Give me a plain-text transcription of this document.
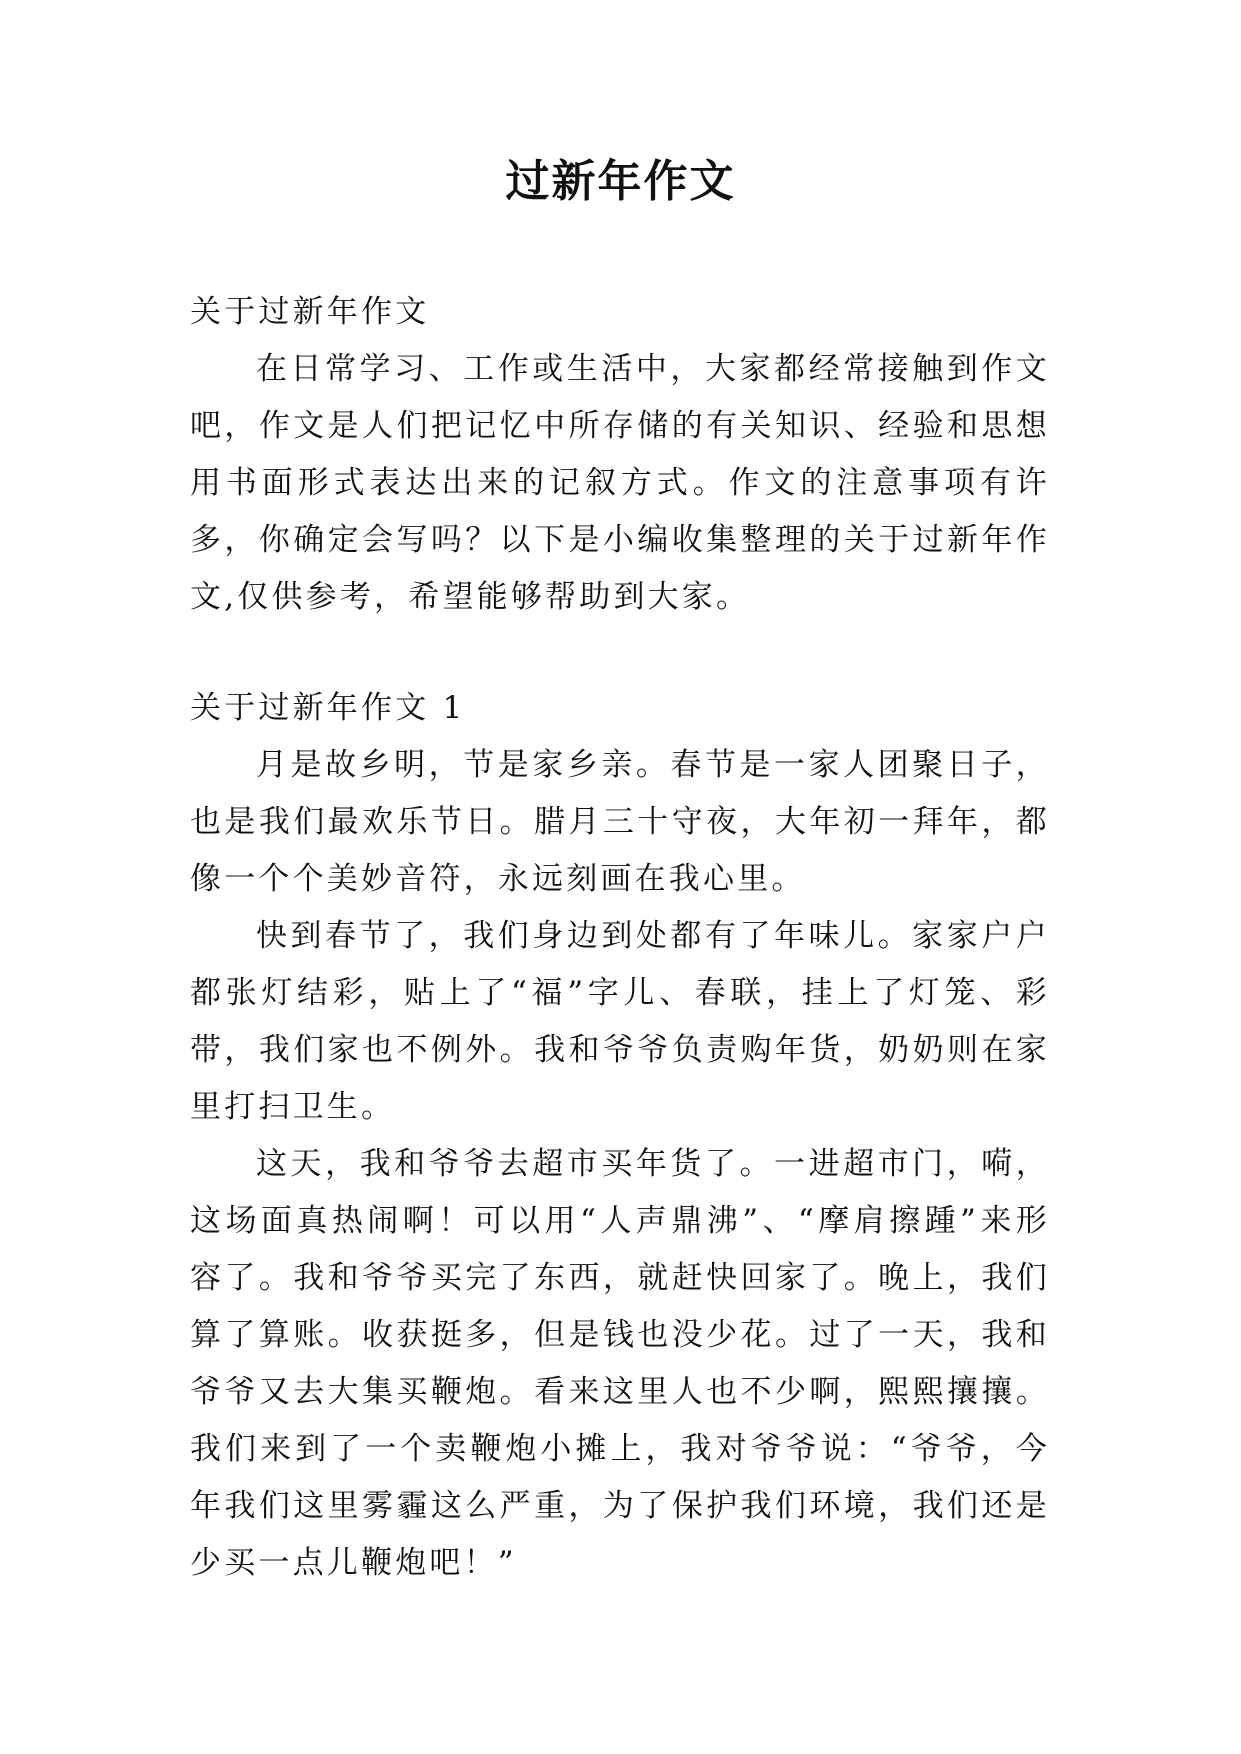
过新年作文

关于过新年作文

在日常学习、工作或生活中，大家都经常接触到作文吧，作文是人们把记忆中所存储的有关知识、经验和思想用书面形式表达出来的记叙方式。作文的注意事项有许多，你确定会写吗？以下是小编收集整理的关于过新年作文,仅供参考，希望能够帮助到大家。

关于过新年作文 1

月是故乡明，节是家乡亲。春节是一家人团聚日子，也是我们最欢乐节日。腊月三十守夜，大年初一拜年，都像一个个美妙音符，永远刻画在我心里。

快到春节了，我们身边到处都有了年味儿。家家户户都张灯结彩，贴上了“福”字儿、春联，挂上了灯笼、彩带，我们家也不例外。我和爷爷负责购年货，奶奶则在家里打扫卫生。

这天，我和爷爷去超市买年货了。一进超市门，嗬，这场面真热闹啊！可以用“人声鼎沸”、“摩肩擦踵”来形容了。我和爷爷买完了东西，就赶快回家了。晚上，我们算了算账。收获挺多，但是钱也没少花。过了一天，我和爷爷又去大集买鞭炮。看来这里人也不少啊，熙熙攘攘。我们来到了一个卖鞭炮小摊上，我对爷爷说：“爷爷，今年我们这里雾霾这么严重，为了保护我们环境，我们还是少买一点儿鞭炮吧！”
